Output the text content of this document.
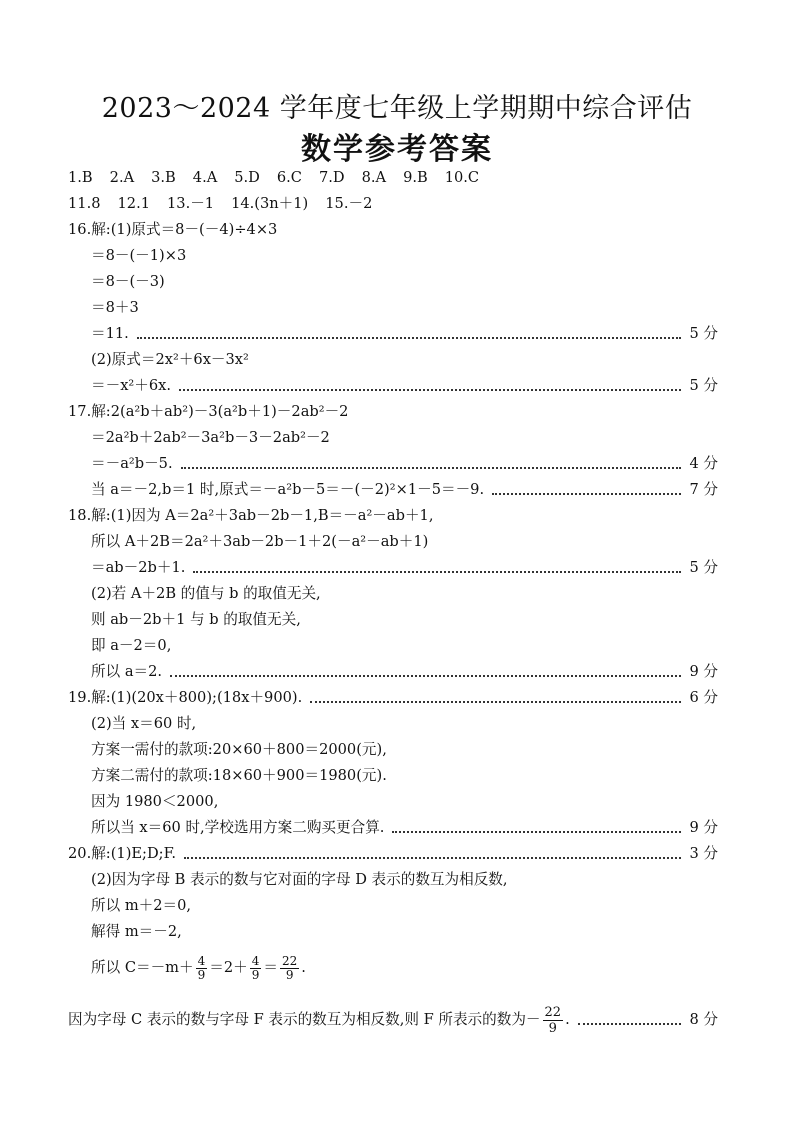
2023～2024 学年度七年级上学期期中综合评估
数学参考答案
1.B 2.A 3.B 4.A 5.D 6.C 7.D 8.A 9.B 10.C
11.8 12.1 13.－1 14.(3n＋1) 15.－2
16.解:(1)原式＝8－(－4)÷4×3
＝8－(－1)×3
＝8－(－3)
＝8＋3
＝11.	5 分
(2)原式＝2x²＋6x－3x²
＝－x²＋6x.	5 分
17.解:2(a²b＋ab²)－3(a²b＋1)－2ab²－2
＝2a²b＋2ab²－3a²b－3－2ab²－2
＝－a²b－5.	4 分
当 a＝－2,b＝1 时,原式＝－a²b－5＝－(－2)²×1－5＝－9.	7 分
18.解:(1)因为 A＝2a²＋3ab－2b－1,B＝－a²－ab＋1,
所以 A＋2B＝2a²＋3ab－2b－1＋2(－a²－ab＋1)
＝ab－2b＋1.	5 分
(2)若 A＋2B 的值与 b 的取值无关,
则 ab－2b＋1 与 b 的取值无关,
即 a－2＝0,
所以 a＝2.	9 分
19.解:(1)(20x＋800);(18x＋900).	6 分
(2)当 x＝60 时,
方案一需付的款项:20×60＋800＝2000(元),
方案二需付的款项:18×60＋900＝1980(元).
因为 1980＜2000,
所以当 x＝60 时,学校选用方案二购买更合算.	9 分
20.解:(1)E;D;F.	3 分
(2)因为字母 B 表示的数与它对面的字母 D 表示的数互为相反数,
所以 m＋2＝0,
解得 m＝－2,
所以 $C=-m+ \frac{4}{9} =2+ \frac{4}{9} = \frac{22}{9}$ .
因为字母 C 表示的数与字母 F 表示的数互为相反数,则 F 所表示的数为－ $\frac{22}{9}$ .	8 分
